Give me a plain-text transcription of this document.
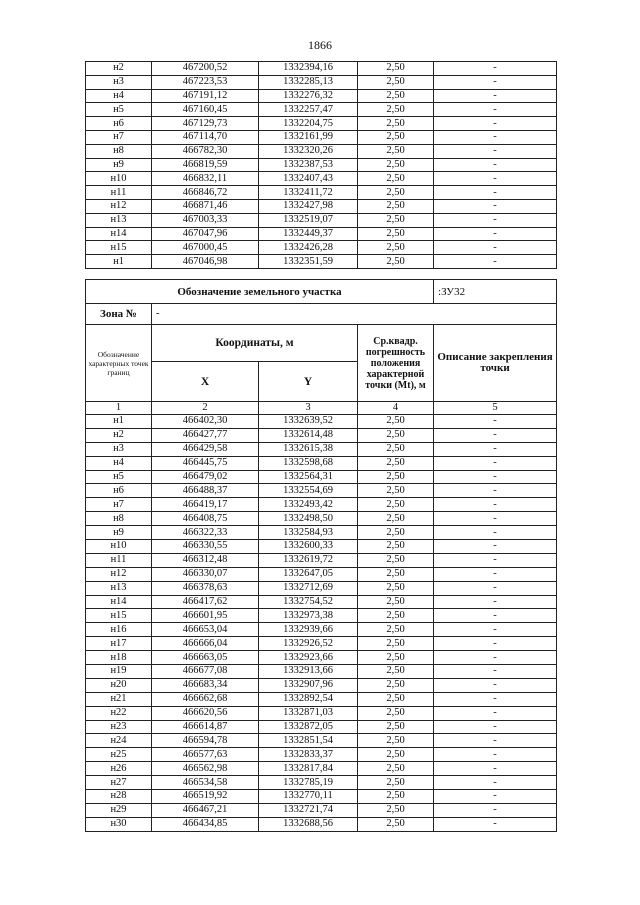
1866
н2	467200,52	1332394,16	2,50	-
н3	467223,53	1332285,13	2,50	-
н4	467191,12	1332276,32	2,50	-
н5	467160,45	1332257,47	2,50	-
н6	467129,73	1332204,75	2,50	-
н7	467114,70	1332161,99	2,50	-
н8	466782,30	1332320,26	2,50	-
н9	466819,59	1332387,53	2,50	-
н10	466832,11	1332407,43	2,50	-
н11	466846,72	1332411,72	2,50	-
н12	466871,46	1332427,98	2,50	-
н13	467003,33	1332519,07	2,50	-
н14	467047,96	1332449,37	2,50	-
н15	467000,45	1332426,28	2,50	-
н1	467046,98	1332351,59	2,50	-
Обозначение земельного участка				:ЗУ32
Зона №	-			
Обозначение характерных точек границ	Координаты, м		Ср.квадр. погрешность положения характерной точки (Mt), м	Описание закрепления точки
	X	Y		
1	2	3	4	5
н1	466402,30	1332639,52	2,50	-
н2	466427,77	1332614,48	2,50	-
н3	466429,58	1332615,38	2,50	-
н4	466445,75	1332598,68	2,50	-
н5	466479,02	1332564,31	2,50	-
н6	466488,37	1332554,69	2,50	-
н7	466419,17	1332493,42	2,50	-
н8	466408,75	1332498,50	2,50	-
н9	466322,33	1332584,93	2,50	-
н10	466330,55	1332600,33	2,50	-
н11	466312,48	1332619,72	2,50	-
н12	466330,07	1332647,05	2,50	-
н13	466378,63	1332712,69	2,50	-
н14	466417,62	1332754,52	2,50	-
н15	466601,95	1332973,38	2,50	-
н16	466653,04	1332939,66	2,50	-
н17	466666,04	1332926,52	2,50	-
н18	466663,05	1332923,66	2,50	-
н19	466677,08	1332913,66	2,50	-
н20	466683,34	1332907,96	2,50	-
н21	466662,68	1332892,54	2,50	-
н22	466620,56	1332871,03	2,50	-
н23	466614,87	1332872,05	2,50	-
н24	466594,78	1332851,54	2,50	-
н25	466577,63	1332833,37	2,50	-
н26	466562,98	1332817,84	2,50	-
н27	466534,58	1332785,19	2,50	-
н28	466519,92	1332770,11	2,50	-
н29	466467,21	1332721,74	2,50	-
н30	466434,85	1332688,56	2,50	-
